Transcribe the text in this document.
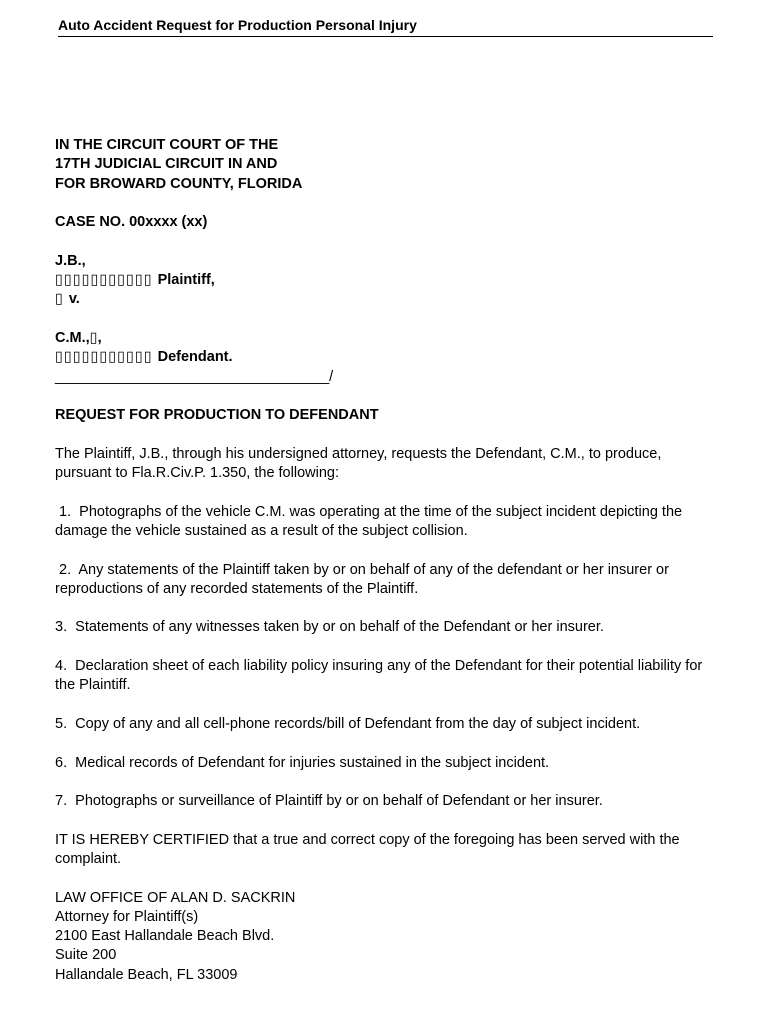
Auto Accident Request for Production Personal Injury
IN THE CIRCUIT COURT OF THE
17TH JUDICIAL CIRCUIT IN AND
FOR BROWARD COUNTY, FLORIDA
CASE NO. 00xxxx (xx)
J.B.,
▯▯▯▯▯▯▯▯▯▯▯ Plaintiff,
▯ v.
C.M.,▯,
▯▯▯▯▯▯▯▯▯▯▯ Defendant.
__________________________________/
REQUEST FOR PRODUCTION TO DEFENDANT
The Plaintiff, J.B., through his undersigned attorney, requests the Defendant, C.M., to produce, pursuant to Fla.R.Civ.P. 1.350, the following:
1.  Photographs of the vehicle C.M. was operating at the time of the subject incident depicting the damage the vehicle sustained as a result of the subject collision.
2.  Any statements of the Plaintiff taken by or on behalf of any of the defendant or her insurer or reproductions of any recorded statements of the Plaintiff.
3.  Statements of any witnesses taken by or on behalf of the Defendant or her insurer.
4.  Declaration sheet of each liability policy insuring any of the Defendant for their potential liability for the Plaintiff.
5.  Copy of any and all cell-phone records/bill of Defendant from the day of subject incident.
6.  Medical records of Defendant for injuries sustained in the subject incident.
7.  Photographs or surveillance of Plaintiff by or on behalf of Defendant or her insurer.
IT IS HEREBY CERTIFIED that a true and correct copy of the foregoing has been served with the complaint.
LAW OFFICE OF ALAN D. SACKRIN
Attorney for Plaintiff(s)
2100 East Hallandale Beach Blvd.
Suite 200
Hallandale Beach, FL 33009
